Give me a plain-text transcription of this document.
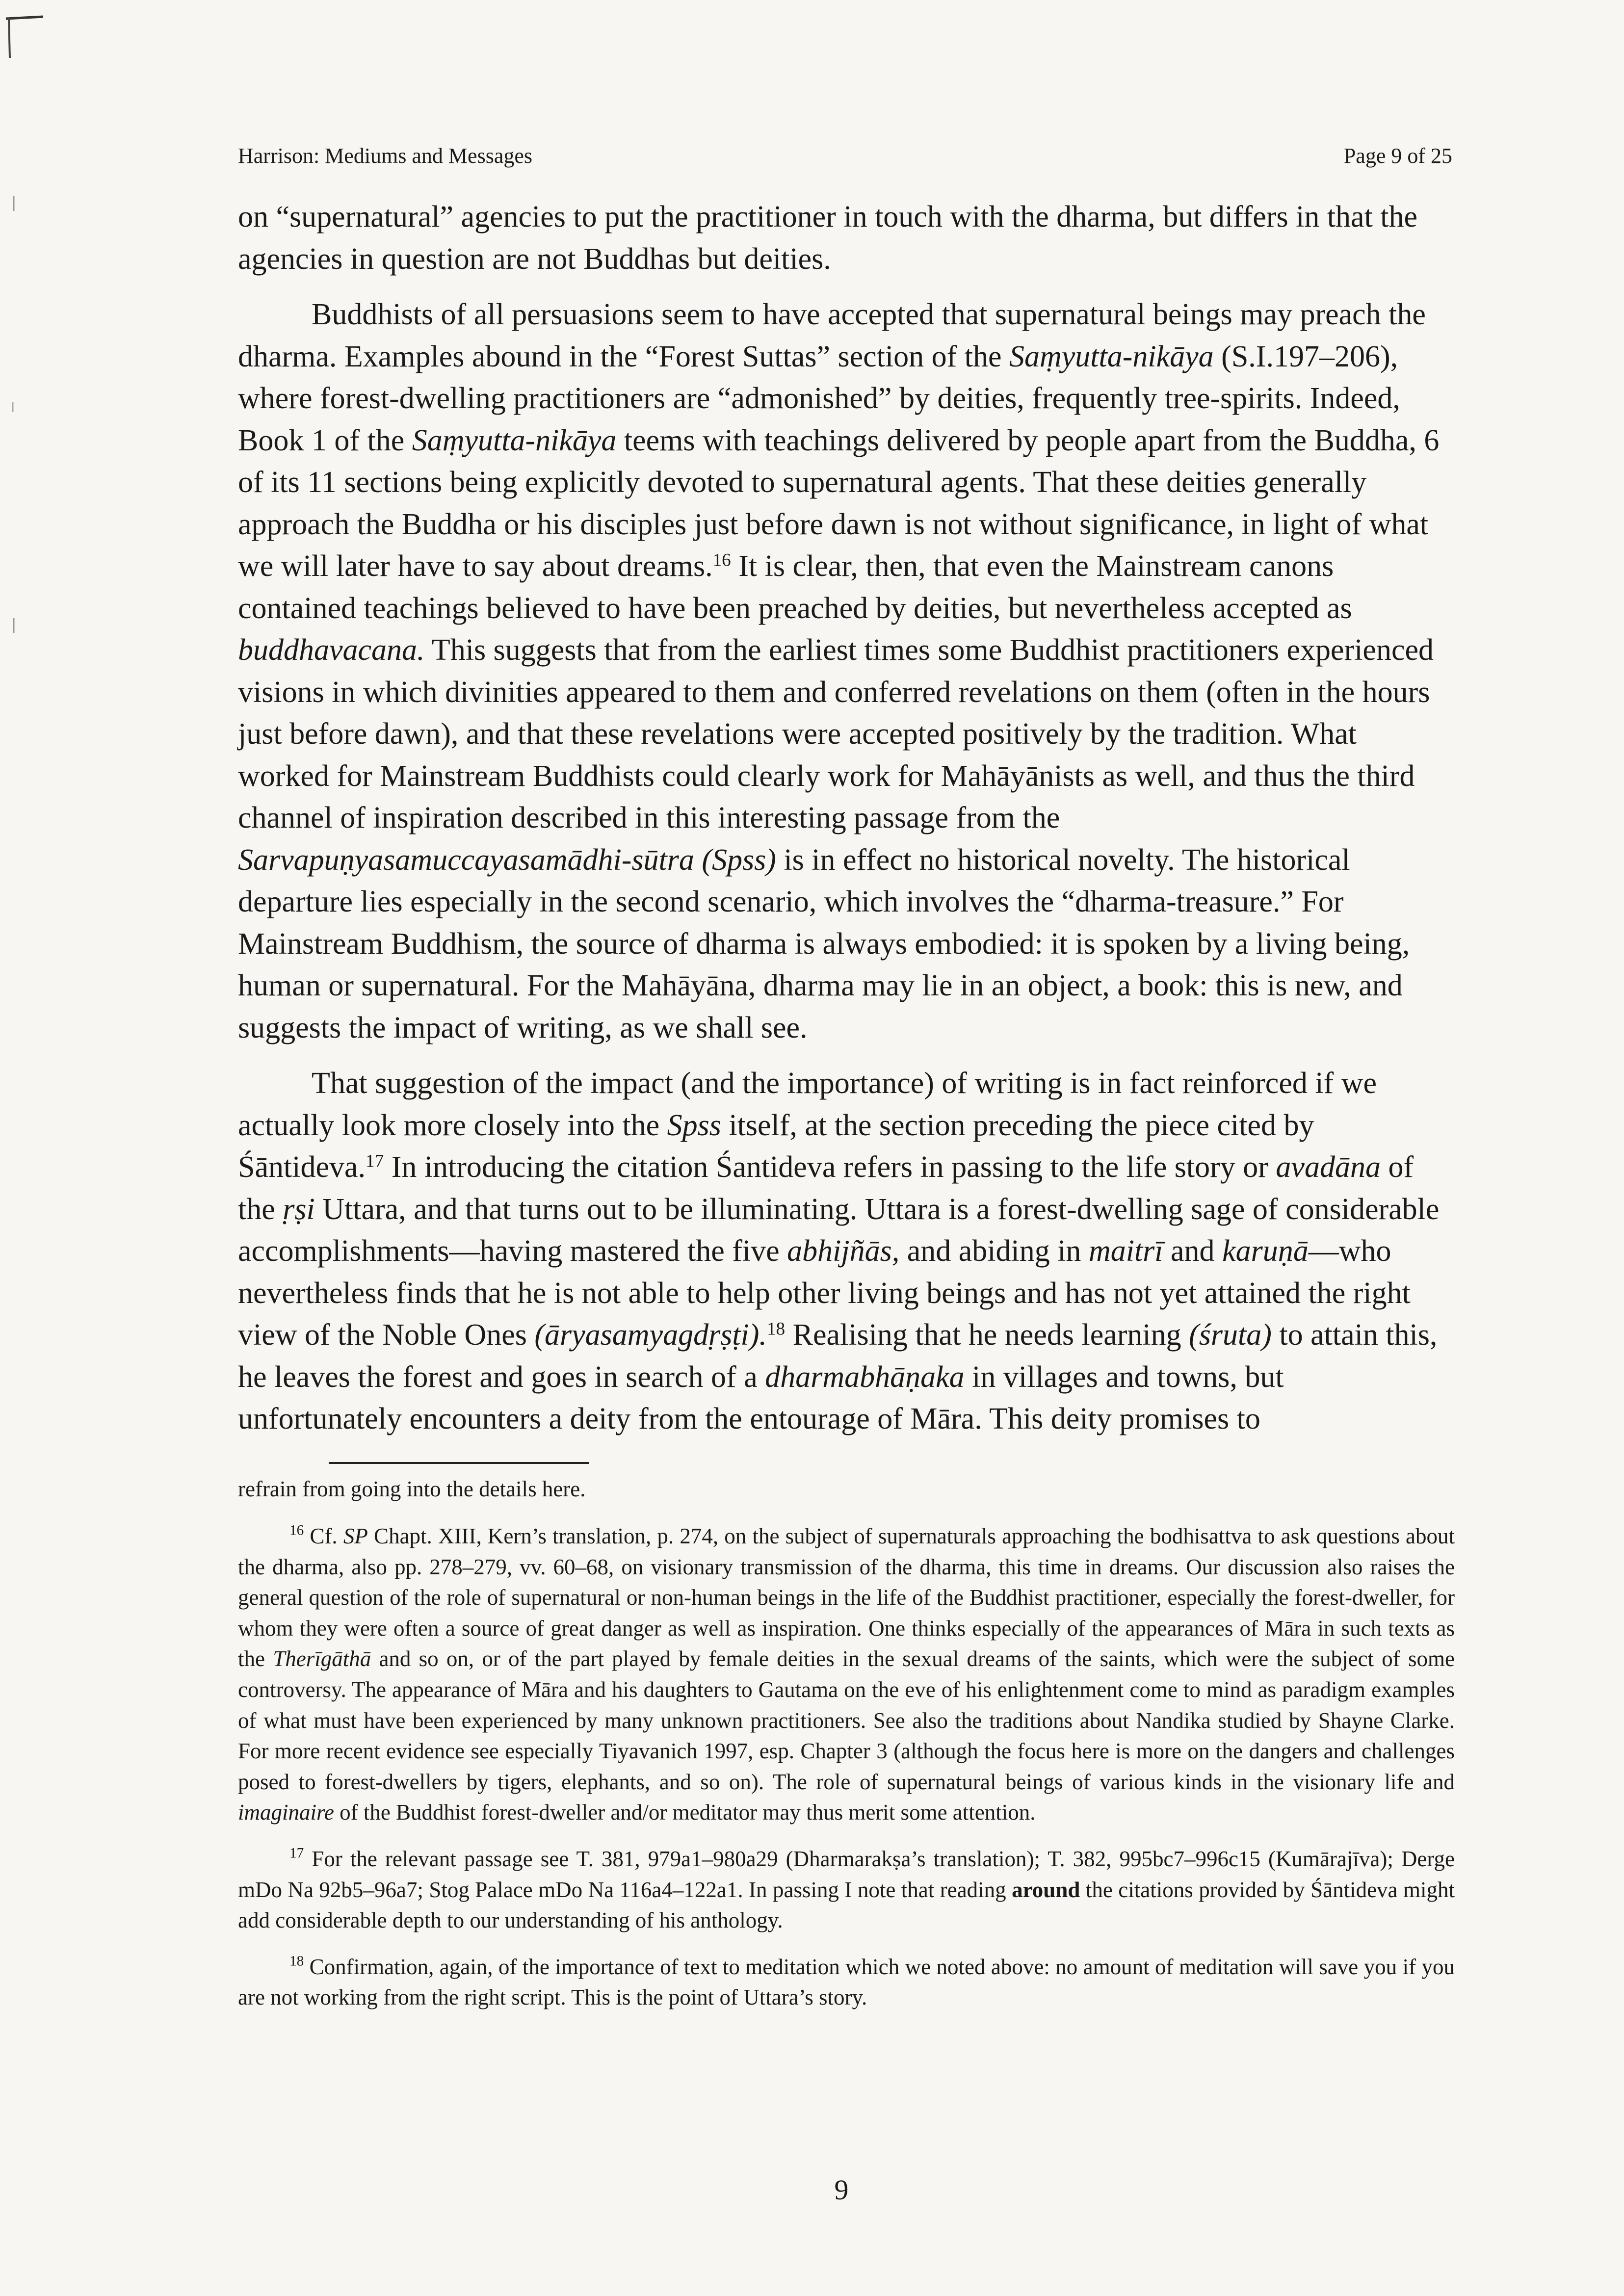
Harrison: Mediums and Messages	Page 9 of 25

on “supernatural” agencies to put the practitioner in touch with the dharma, but differs in that the agencies in question are not Buddhas but deities.

Buddhists of all persuasions seem to have accepted that supernatural beings may preach the dharma. Examples abound in the “Forest Suttas” section of the Saṃyutta-nikāya (S.I.197–206), where forest-dwelling practitioners are “admonished” by deities, frequently tree-spirits. Indeed, Book 1 of the Saṃyutta-nikāya teems with teachings delivered by people apart from the Buddha, 6 of its 11 sections being explicitly devoted to supernatural agents. That these deities generally approach the Buddha or his disciples just before dawn is not without significance, in light of what we will later have to say about dreams.$^{16}$ It is clear, then, that even the Mainstream canons contained teachings believed to have been preached by deities, but nevertheless accepted as buddhavacana. This suggests that from the earliest times some Buddhist practitioners experienced visions in which divinities appeared to them and conferred revelations on them (often in the hours just before dawn), and that these revelations were accepted positively by the tradition. What worked for Mainstream Buddhists could clearly work for Mahāyānists as well, and thus the third channel of inspiration described in this interesting passage from the Sarvapuṇyasamuccayasamādhi-sūtra (Spss) is in effect no historical novelty. The historical departure lies especially in the second scenario, which involves the “dharma-treasure.” For Mainstream Buddhism, the source of dharma is always embodied: it is spoken by a living being, human or supernatural. For the Mahāyāna, dharma may lie in an object, a book: this is new, and suggests the impact of writing, as we shall see.

That suggestion of the impact (and the importance) of writing is in fact reinforced if we actually look more closely into the Spss itself, at the section preceding the piece cited by Śāntideva.$^{17}$ In introducing the citation Śantideva refers in passing to the life story or avadāna of the ṛṣi Uttara, and that turns out to be illuminating. Uttara is a forest-dwelling sage of considerable accomplishments—having mastered the five abhijñās, and abiding in maitrī and karuṇā—who nevertheless finds that he is not able to help other living beings and has not yet attained the right view of the Noble Ones (āryasamyagdṛṣṭi).$^{18}$ Realising that he needs learning (śruta) to attain this, he leaves the forest and goes in search of a dharmabhāṇaka in villages and towns, but unfortunately encounters a deity from the entourage of Māra. This deity promises to

refrain from going into the details here.

$^{16}$ Cf. SP Chapt. XIII, Kern’s translation, p. 274, on the subject of supernaturals approaching the bodhisattva to ask questions about the dharma, also pp. 278–279, vv. 60–68, on visionary transmission of the dharma, this time in dreams. Our discussion also raises the general question of the role of supernatural or non-human beings in the life of the Buddhist practitioner, especially the forest-dweller, for whom they were often a source of great danger as well as inspiration. One thinks especially of the appearances of Māra in such texts as the Therīgāthā and so on, or of the part played by female deities in the sexual dreams of the saints, which were the subject of some controversy. The appearance of Māra and his daughters to Gautama on the eve of his enlightenment come to mind as paradigm examples of what must have been experienced by many unknown practitioners. See also the traditions about Nandika studied by Shayne Clarke. For more recent evidence see especially Tiyavanich 1997, esp. Chapter 3 (although the focus here is more on the dangers and challenges posed to forest-dwellers by tigers, elephants, and so on). The role of supernatural beings of various kinds in the visionary life and imaginaire of the Buddhist forest-dweller and/or meditator may thus merit some attention.

$^{17}$ For the relevant passage see T. 381, 979a1–980a29 (Dharmarakṣa’s translation); T. 382, 995bc7–996c15 (Kumārajīva); Derge mDo Na 92b5–96a7; Stog Palace mDo Na 116a4–122a1. In passing I note that reading around the citations provided by Śāntideva might add considerable depth to our understanding of his anthology.

$^{18}$ Confirmation, again, of the importance of text to meditation which we noted above: no amount of meditation will save you if you are not working from the right script. This is the point of Uttara’s story.

9
